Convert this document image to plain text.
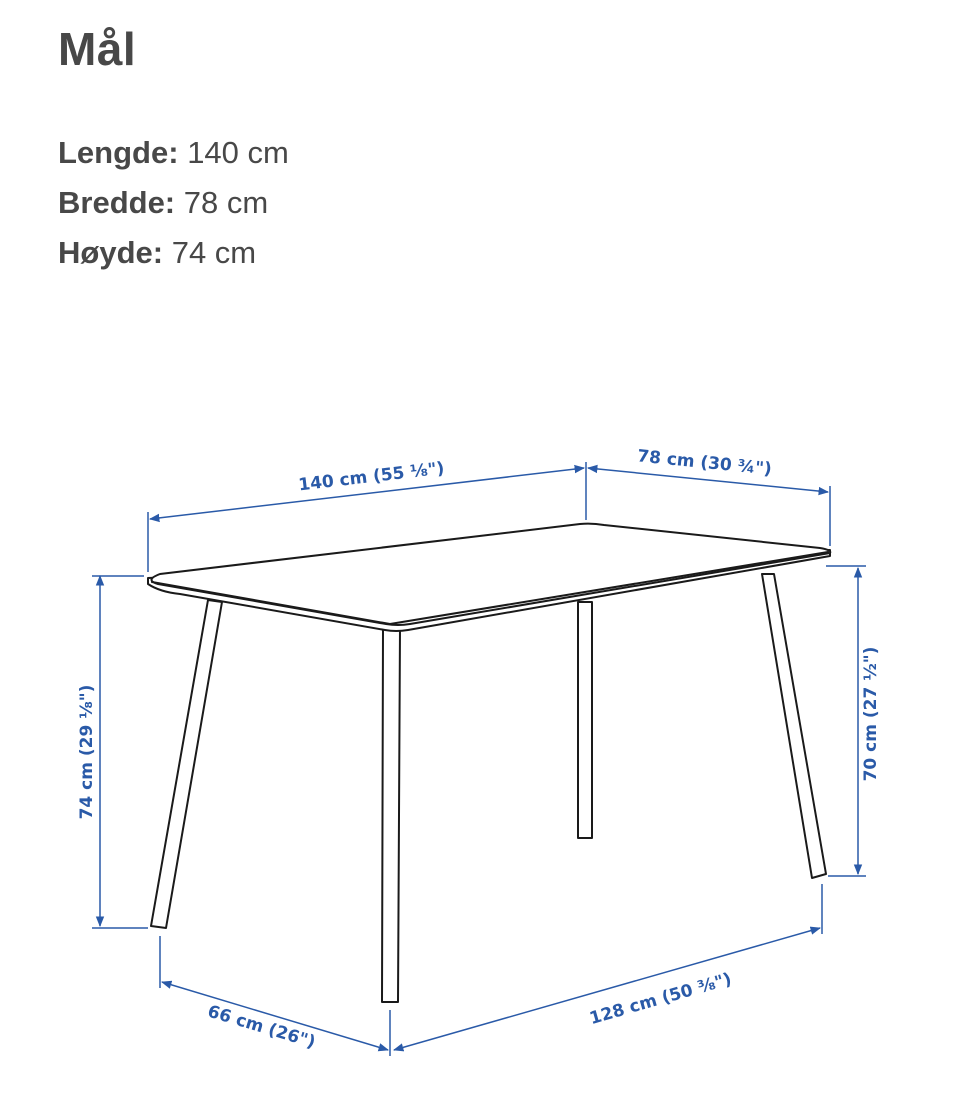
Mål
Lengde: 140 cm
Bredde: 78 cm
Høyde: 74 cm
140 cm (55 ⅛")	78 cm (30 ¾")
74 cm (29 ⅛")	70 cm (27 ½")
66 cm (26")	128 cm (50 ⅜")
